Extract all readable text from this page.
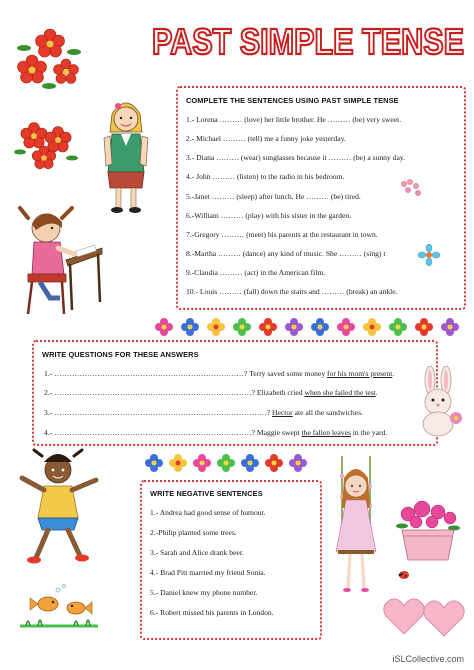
PAST SIMPLE TENSE
COMPLETE THE SENTENCES USING PAST SIMPLE TENSE
1.- Lorena ……… (love) her little brother. He ……… (be) very sweet.
2.- Michael ……… (tell) me a funny joke yesterday.
3.- Diana ……… (wear) sunglasses because it ……… (be) a sunny day.
4.- John ……… (listen) to the radio in his bedroom.
5.-Janet ……… (sleep) after lunch. He ……… (be) tired.
6.-William ……… (play) with his sister in the garden.
7.-Gregory ……… (meet) his parents at the restaurant in town.
8.-Martha ……… (dance) any kind of music. She ……… (sing) t
9.-Claudia ……… (act) in the American film.
10.- Louis ……… (fall) down the stairs and ……… (break) an ankle.
WRITE QUESTIONS FOR THESE ANSWERS
1.- …………………………………………………………………? Terry saved some money for his mom's present.
2.- ……………………………………………………………………? Elizabeth cried when she failed the test.
3.- …………………………………………………………………………? Hector ate all the sandwiches.
4.- ……………………………………………………………………? Maggie swept the fallen leaves in the yard.
WRITE NEGATIVE SENTENCES
1.- Andrea had good sense of humour.
2.-Philip planted some trees.
3.- Sarah and Alice drank beer.
4.- Brad Pitt married my friend Sonia.
5.- Daniel knew my phone number.
6.- Robert missed his parents in London.
iSLCollective.com
